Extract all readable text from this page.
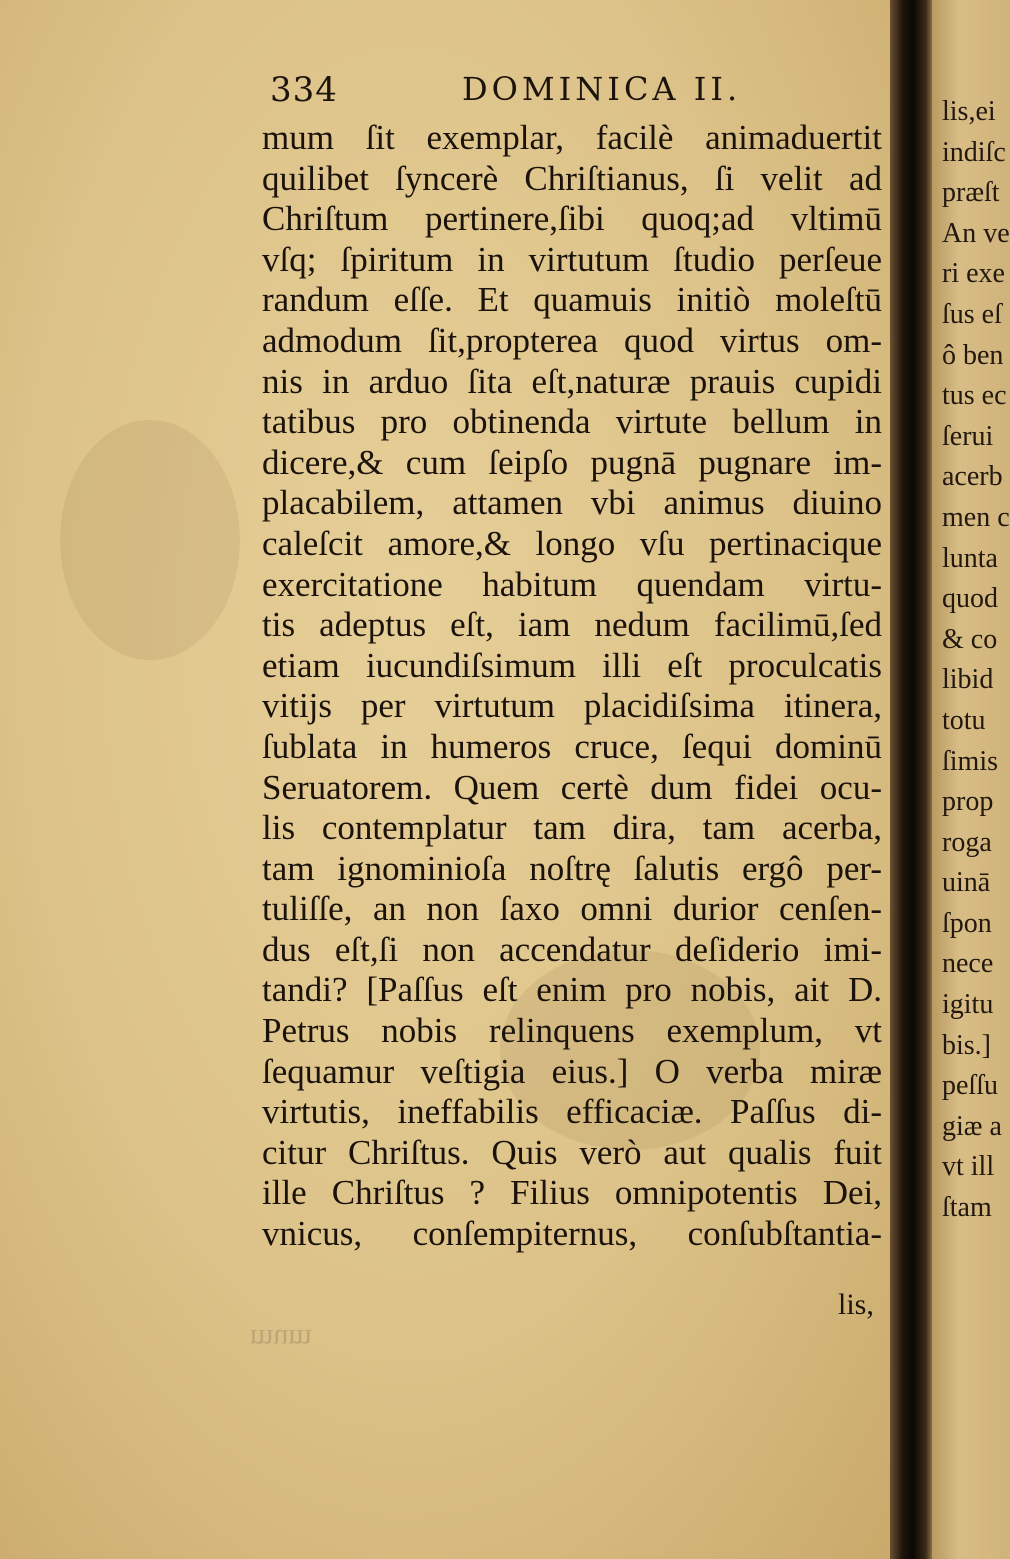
334	DOMINICA II.
mum ſit exemplar, facilè animaduertit
quilibet ſyncerè Chriſtianus, ſi velit ad
Chriſtum pertinere,ſibi quoq;ad vltimū
vſq; ſpiritum in virtutum ſtudio perſeue
randum eſſe. Et quamuis initiò moleſtū
admodum ſit,propterea quod virtus om-
nis in arduo ſita eſt,naturæ prauis cupidi
tatibus pro obtinenda virtute bellum in
dicere,& cum ſeipſo pugnā pugnare im-
placabilem, attamen vbi animus diuino
caleſcit amore,& longo vſu pertinacique
exercitatione habitum quendam virtu-
tis adeptus eſt, iam nedum facilimū,ſed
etiam iucundiſsimum illi eſt proculcatis
vitijs per virtutum placidiſsima itinera,
ſublata in humeros cruce, ſequi dominū
Seruatorem. Quem certè dum fidei ocu-
lis contemplatur tam dira, tam acerba,
tam ignominioſa noſtrę ſalutis ergô per-
tuliſſe, an non ſaxo omni durior cenſen-
dus eſt,ſi non accendatur deſiderio imi-
tandi? [Paſſus eſt enim pro nobis, ait D.
Petrus nobis relinquens exemplum, vt
ſequamur veſtigia eius.] O verba miræ
virtutis, ineffabilis efficaciæ. Paſſus di-
citur Chriſtus. Quis verò aut qualis fuit
ille Chriſtus ? Filius omnipotentis Dei,
vnicus, conſempiternus, conſubſtantia-
lis,
mum
lis,ei
indiſc
præſt
An ve
ri exe
ſus eſ
ô ben
tus ec
ſerui
acerb
men c
lunta
quod
& co
libid
totu
ſimis
prop
roga
uinā
ſpon
nece
igitu
bis.]
peſſu
giæ a
vt ill
ſtam
